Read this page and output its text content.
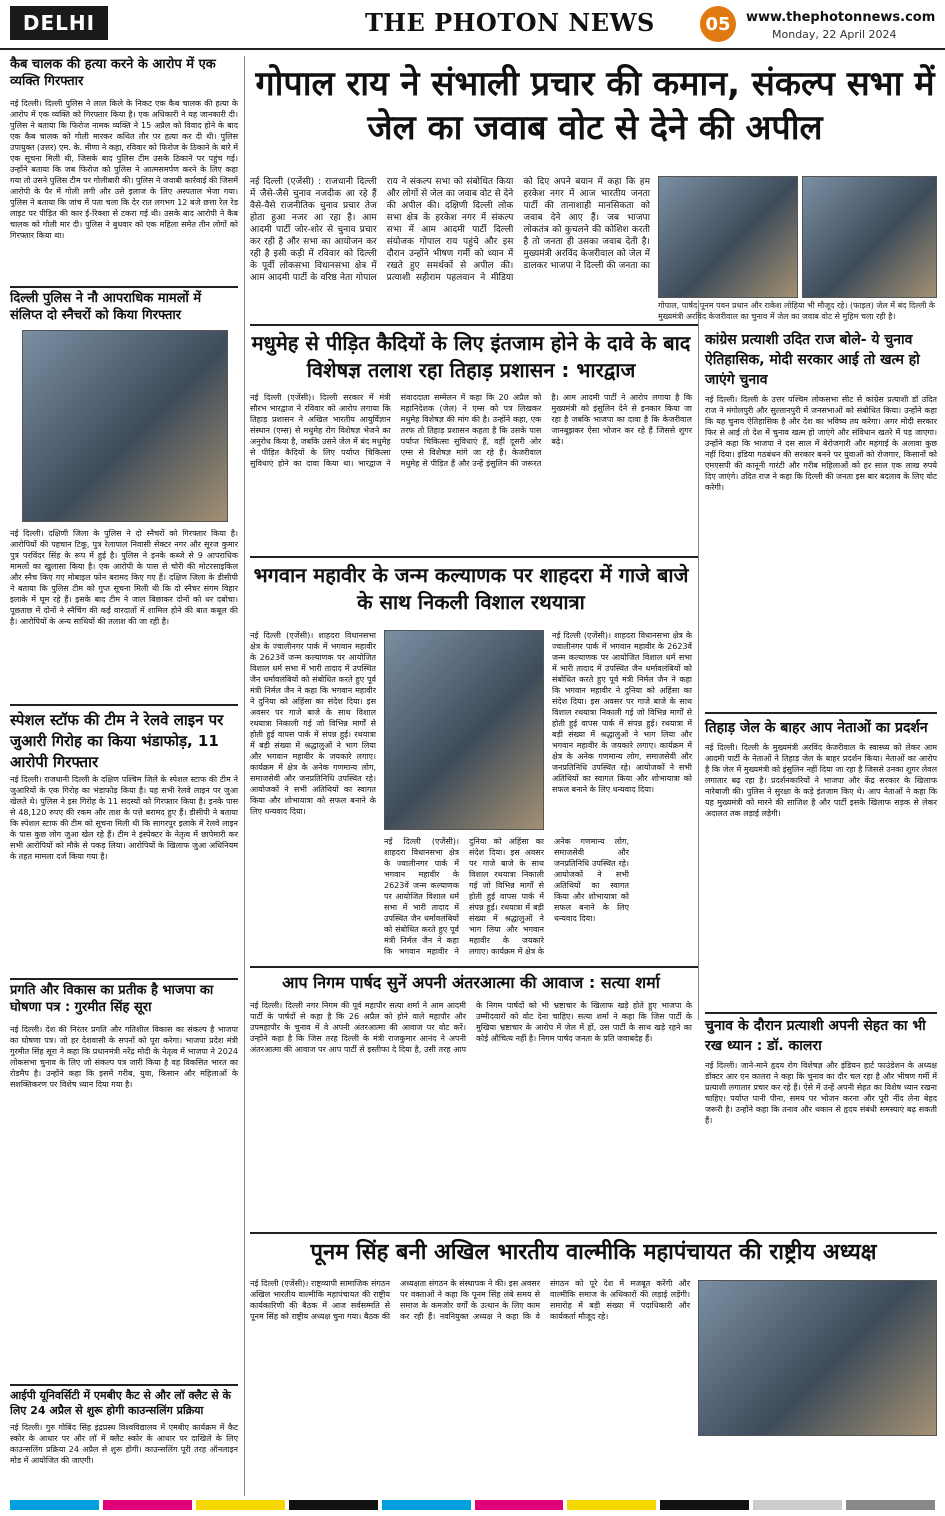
DELHI	THE PHOTON NEWS	05	www.thephotonnews.com
Monday, 22 April 2024
गोपाल राय ने संभाली प्रचार की कमान, संकल्प सभा में जेल का जवाब वोट से देने की अपील
नई दिल्ली (एजेंसी) : राजधानी दिल्ली में जैसे-जैसे चुनाव नजदीक आ रहे हैं वैसे-वैसे राजनीतिक चुनाव प्रचार तेज होता हुआ नजर आ रहा है। आम आदमी पार्टी जोर-शोर से चुनाव प्रचार कर रही है और सभा का आयोजन कर रही है इसी कड़ी में रविवार को दिल्ली के पूर्वी लोकसभा विधानसभा क्षेत्र में आम आदमी पार्टी के वरिष्ठ नेता गोपाल राय ने संकल्प सभा को संबोधित किया और लोगों से जेल का जवाब वोट से देने की अपील की। दक्षिणी दिल्ली लोक सभा क्षेत्र के हरकेश नगर में संकल्प सभा में आम आदमी पार्टी दिल्ली संयोजक गोपाल राय पहुंचे और इस दौरान उन्होंने भीषण गर्मी को ध्यान में रखते हुए समर्थकों से अपील की। प्रत्याशी सहीराम पहलवान ने मीडिया को दिए अपने बयान में कहा कि हम हरकेश नगर में आज भारतीय जनता पार्टी की तानाशाही मानसिकता को जवाब देने आए हैं। जब भाजपा लोकतंत्र को कुचलने की कोशिश करती है तो जनता ही उसका जवाब देती है। मुख्यमंत्री अरविंद केजरीवाल को जेल में डालकर भाजपा ने दिल्ली की जनता का
गोपाल, पार्षद पूनम पवन प्रधान और राकेश लोहिया भी मौजूद रहे। (फाइल) जेल में बंद दिल्ली के मुख्यमंत्री अरविंद केजरीवाल का चुनाव में जेल का जवाब वोट से मुहिम चला रही है।
कैब चालक की हत्या करने के आरोप में एक व्यक्ति गिरफ्तार
नई दिल्ली। दिल्ली पुलिस ने लाल किले के निकट एक कैब चालक की हत्या के आरोप में एक व्यक्ति को गिरफ्तार किया है। एक अधिकारी ने यह जानकारी दी। पुलिस ने बताया कि फिरोज नामक व्यक्ति ने 15 अप्रैल को विवाद होने के बाद एक कैब चालक को गोली मारकर कथित तौर पर हत्या कर दी थी। पुलिस उपायुक्त (उत्तर) एम. के. मीणा ने कहा, रविवार को फिरोज के ठिकाने के बारे में एक सूचना मिली थी, जिसके बाद पुलिस टीम उसके ठिकाने पर पहुंच गई। उन्होंने बताया कि जब फिरोज को पुलिस ने आत्मसमर्पण करने के लिए कहा गया तो उसने पुलिस टीम पर गोलीबारी की। पुलिस ने जवाबी कार्रवाई की जिसमें आरोपी के पैर में गोली लगी और उसे इलाज के लिए अस्पताल भेजा गया। पुलिस ने बताया कि जांच में पता चला कि देर रात लगभग 12 बजे छत्ता रेल रेड लाइट पर पीड़ित की कार ई-रिक्शा से टकरा गई थी। उसके बाद आरोपी ने कैब चालक को गोली मार दी। पुलिस ने बुधवार को एक महिला समेत तीन लोगों को गिरफ्तार किया था।
दिल्ली पुलिस ने नौ आपराधिक मामलों में संलिप्त दो स्नैचरों को किया गिरफ्तार
नई दिल्ली। दक्षिणी जिला के पुलिस ने दो स्नैचरों को गिरफ्तार किया है। आरोपियों की पहचान टिकू, पुत्र रेलापाल निवासी सेक्टर नगर और सूरज कुमार पुत्र परविंदर सिंह के रूप में हुई है। पुलिस ने इनके कब्जे से 9 आपराधिक मामलों का खुलासा किया है। एक आरोपी के पास से चोरी की मोटरसाइकिल और स्नैच किए गए मोबाइल फोन बरामद किए गए हैं। दक्षिण जिला के डीसीपी ने बताया कि पुलिस टीम को गुप्त सूचना मिली थी कि दो स्नैचर संगम विहार इलाके में घूम रहे हैं। इसके बाद टीम ने जाल बिछाकर दोनों को धर दबोचा। पूछताछ में दोनों ने स्नैचिंग की कई वारदातों में शामिल होने की बात कबूल की है। आरोपियों के अन्य साथियों की तलाश की जा रही है।
स्पेशल स्टॉफ की टीम ने रेलवे लाइन पर जुआरी गिरोह का किया भंडाफोड़, 11 आरोपी गिरफ्तार
नई दिल्ली। राजधानी दिल्ली के दक्षिण पश्चिम जिले के स्पेशल स्टाफ की टीम ने जुआरियों के एक गिरोह का भंडाफोड़ किया है। यह सभी रेलवे लाइन पर जुआ खेलते थे। पुलिस ने इस गिरोह के 11 सदस्यों को गिरफ्तार किया है। इनके पास से 48,120 रुपए की रकम और ताश के पत्ते बरामद हुए हैं। डीसीपी ने बताया कि स्पेशल स्टाफ की टीम को सूचना मिली थी कि सागरपुर इलाके में रेलवे लाइन के पास कुछ लोग जुआ खेल रहे हैं। टीम ने इंस्पेक्टर के नेतृत्व में छापेमारी कर सभी आरोपियों को मौके से पकड़ लिया। आरोपियों के खिलाफ जुआ अधिनियम के तहत मामला दर्ज किया गया है।
प्रगति और विकास का प्रतीक है भाजपा का घोषणा पत्र : गुरमीत सिंह सूरा
नई दिल्ली। देश की निरंतर प्रगति और गतिशील विकास का संकल्प है भाजपा का घोषणा पत्र। जो हर देशवासी के सपनों को पूरा करेगा। भाजपा प्रदेश मंत्री गुरमीत सिंह सूरा ने कहा कि प्रधानमंत्री नरेंद्र मोदी के नेतृत्व में भाजपा ने 2024 लोकसभा चुनाव के लिए जो संकल्प पत्र जारी किया है वह विकसित भारत का रोडमैप है। उन्होंने कहा कि इसमें गरीब, युवा, किसान और महिलाओं के सशक्तिकरण पर विशेष ध्यान दिया गया है।
आईपी यूनिवर्सिटी में एमबीए कैट से और लॉ क्लैट से के लिए 24 अप्रैल से शुरू होगी काउन्सलिंग प्रक्रिया
नई दिल्ली। गुरु गोबिंद सिंह इंद्रप्रस्थ विश्वविद्यालय में एमबीए कार्यक्रम में कैट स्कोर के आधार पर और लॉ में क्लैट स्कोर के आधार पर दाखिले के लिए काउन्सलिंग प्रक्रिया 24 अप्रैल से शुरू होगी। काउन्सलिंग पूरी तरह ऑनलाइन मोड में आयोजित की जाएगी।
मधुमेह से पीड़ित कैदियों के लिए इंतजाम होने के दावे के बाद विशेषज्ञ तलाश रहा तिहाड़ प्रशासन : भारद्वाज
नई दिल्ली (एजेंसी)। दिल्ली सरकार में मंत्री सौरभ भारद्वाज ने रविवार को आरोप लगाया कि तिहाड़ प्रशासन ने अखिल भारतीय आयुर्विज्ञान संस्थान (एम्स) से मधुमेह रोग विशेषज्ञ भेजने का अनुरोध किया है, जबकि उसने जेल में बंद मधुमेह से पीड़ित कैदियों के लिए पर्याप्त चिकित्सा सुविधाएं होने का दावा किया था। भारद्वाज ने संवाददाता सम्मेलन में कहा कि 20 अप्रैल को महानिदेशक (जेल) ने एम्स को पत्र लिखकर मधुमेह विशेषज्ञ की मांग की है। उन्होंने कहा, एक तरफ तो तिहाड़ प्रशासन कहता है कि उसके पास पर्याप्त चिकित्सा सुविधाएं हैं, वहीं दूसरी ओर एम्स से विशेषज्ञ मांगे जा रहे हैं। केजरीवाल मधुमेह से पीड़ित हैं और उन्हें इंसुलिन की जरूरत है। आम आदमी पार्टी ने आरोप लगाया है कि मुख्यमंत्री को इंसुलिन देने से इनकार किया जा रहा है जबकि भाजपा का दावा है कि केजरीवाल जानबूझकर ऐसा भोजन कर रहे हैं जिससे शुगर बढ़े।
भगवान महावीर के जन्म कल्याणक पर शाहदरा में गाजे बाजे के साथ निकली विशाल रथयात्रा
नई दिल्ली (एजेंसी)। शाहदरा विधानसभा क्षेत्र के ज्वालीनगर पार्क में भगवान महावीर के 2623वें जन्म कल्याणक पर आयोजित विशाल धर्म सभा में भारी तादाद में उपस्थित जैन धर्मावलंबियों को संबोधित करते हुए पूर्व मंत्री निर्मल जैन ने कहा कि भगवान महावीर ने दुनिया को अहिंसा का संदेश दिया। इस अवसर पर गाजे बाजे के साथ विशाल रथयात्रा निकाली गई जो विभिन्न मार्गों से होती हुई वापस पार्क में संपन्न हुई। रथयात्रा में बड़ी संख्या में श्रद्धालुओं ने भाग लिया और भगवान महावीर के जयकारे लगाए। कार्यक्रम में क्षेत्र के अनेक गणमान्य लोग, समाजसेवी और जनप्रतिनिधि उपस्थित रहे। आयोजकों ने सभी अतिथियों का स्वागत किया और शोभायात्रा को सफल बनाने के लिए धन्यवाद दिया।
नई दिल्ली (एजेंसी)। शाहदरा विधानसभा क्षेत्र के ज्वालीनगर पार्क में भगवान महावीर के 2623वें जन्म कल्याणक पर आयोजित विशाल धर्म सभा में भारी तादाद में उपस्थित जैन धर्मावलंबियों को संबोधित करते हुए पूर्व मंत्री निर्मल जैन ने कहा कि भगवान महावीर ने दुनिया को अहिंसा का संदेश दिया। इस अवसर पर गाजे बाजे के साथ विशाल रथयात्रा निकाली गई जो विभिन्न मार्गों से होती हुई वापस पार्क में संपन्न हुई। रथयात्रा में बड़ी संख्या में श्रद्धालुओं ने भाग लिया और भगवान महावीर के जयकारे लगाए। कार्यक्रम में क्षेत्र के अनेक गणमान्य लोग, समाजसेवी और जनप्रतिनिधि उपस्थित रहे। आयोजकों ने सभी अतिथियों का स्वागत किया और शोभायात्रा को सफल बनाने के लिए धन्यवाद दिया।
नई दिल्ली (एजेंसी)। शाहदरा विधानसभा क्षेत्र के ज्वालीनगर पार्क में भगवान महावीर के 2623वें जन्म कल्याणक पर आयोजित विशाल धर्म सभा में भारी तादाद में उपस्थित जैन धर्मावलंबियों को संबोधित करते हुए पूर्व मंत्री निर्मल जैन ने कहा कि भगवान महावीर ने दुनिया को अहिंसा का संदेश दिया। इस अवसर पर गाजे बाजे के साथ विशाल रथयात्रा निकाली गई जो विभिन्न मार्गों से होती हुई वापस पार्क में संपन्न हुई। रथयात्रा में बड़ी संख्या में श्रद्धालुओं ने भाग लिया और भगवान महावीर के जयकारे लगाए। कार्यक्रम में क्षेत्र के अनेक गणमान्य लोग, समाजसेवी और जनप्रतिनिधि उपस्थित रहे। आयोजकों ने सभी अतिथियों का स्वागत किया और शोभायात्रा को सफल बनाने के लिए धन्यवाद दिया।
कांग्रेस प्रत्याशी उदित राज बोले- ये चुनाव ऐतिहासिक, मोदी सरकार आई तो खत्म हो जाएंगे चुनाव
नई दिल्ली। दिल्ली के उत्तर पश्चिम लोकसभा सीट से कांग्रेस प्रत्याशी डॉ उदित राज ने मंगोलपुरी और सुल्तानपुरी में जनसभाओं को संबोधित किया। उन्होंने कहा कि यह चुनाव ऐतिहासिक है और देश का भविष्य तय करेगा। अगर मोदी सरकार फिर से आई तो देश में चुनाव खत्म हो जाएंगे और संविधान खतरे में पड़ जाएगा। उन्होंने कहा कि भाजपा ने दस साल में बेरोजगारी और महंगाई के अलावा कुछ नहीं दिया। इंडिया गठबंधन की सरकार बनने पर युवाओं को रोजगार, किसानों को एमएसपी की कानूनी गारंटी और गरीब महिलाओं को हर साल एक लाख रुपये दिए जाएंगे। उदित राज ने कहा कि दिल्ली की जनता इस बार बदलाव के लिए वोट करेगी।
तिहाड़ जेल के बाहर आप नेताओं का प्रदर्शन
नई दिल्ली। दिल्ली के मुख्यमंत्री अरविंद केजरीवाल के स्वास्थ्य को लेकर आम आदमी पार्टी के नेताओं ने तिहाड़ जेल के बाहर प्रदर्शन किया। नेताओं का आरोप है कि जेल में मुख्यमंत्री को इंसुलिन नहीं दिया जा रहा है जिससे उनका शुगर लेवल लगातार बढ़ रहा है। प्रदर्शनकारियों ने भाजपा और केंद्र सरकार के खिलाफ नारेबाजी की। पुलिस ने सुरक्षा के कड़े इंतजाम किए थे। आप नेताओं ने कहा कि यह मुख्यमंत्री को मारने की साजिश है और पार्टी इसके खिलाफ सड़क से लेकर अदालत तक लड़ाई लड़ेगी।
चुनाव के दौरान प्रत्याशी अपनी सेहत का भी रख ध्यान : डॉ. कालरा
नई दिल्ली। जाने-माने हृदय रोग विशेषज्ञ और इंडियन हार्ट फाउंडेशन के अध्यक्ष डॉक्टर आर एन कालरा ने कहा कि चुनाव का दौर चल रहा है और भीषण गर्मी में प्रत्याशी लगातार प्रचार कर रहे हैं। ऐसे में उन्हें अपनी सेहत का विशेष ध्यान रखना चाहिए। पर्याप्त पानी पीना, समय पर भोजन करना और पूरी नींद लेना बेहद जरूरी है। उन्होंने कहा कि तनाव और थकान से हृदय संबंधी समस्याएं बढ़ सकती हैं।
आप निगम पार्षद सुनें अपनी अंतरआत्मा की आवाज : सत्या शर्मा
नई दिल्ली। दिल्ली नगर निगम की पूर्व महापौर सत्या शर्मा ने आम आदमी पार्टी के पार्षदों से कहा है कि 26 अप्रैल को होने वाले महापौर और उपमहापौर के चुनाव में वे अपनी अंतरआत्मा की आवाज पर वोट करें। उन्होंने कहा है कि जिस तरह दिल्ली के मंत्री राजकुमार आनंद ने अपनी अंतरआत्मा की आवाज पर आप पार्टी से इस्तीफा दे दिया है, उसी तरह आप के निगम पार्षदों को भी भ्रष्टाचार के खिलाफ खड़े होते हुए भाजपा के उम्मीदवारों को वोट देना चाहिए। सत्या शर्मा ने कहा कि जिस पार्टी के मुखिया भ्रष्टाचार के आरोप में जेल में हों, उस पार्टी के साथ खड़े रहने का कोई औचित्य नहीं है। निगम पार्षद जनता के प्रति जवाबदेह हैं।
पूनम सिंह बनी अखिल भारतीय वाल्मीकि महापंचायत की राष्ट्रीय अध्यक्ष
नई दिल्ली (एजेंसी)। राष्ट्रव्यापी सामाजिक संगठन अखिल भारतीय वाल्मीकि महापंचायत की राष्ट्रीय कार्यकारिणी की बैठक में आज सर्वसम्मति से पूनम सिंह को राष्ट्रीय अध्यक्ष चुना गया। बैठक की अध्यक्षता संगठन के संस्थापक ने की। इस अवसर पर वक्ताओं ने कहा कि पूनम सिंह लंबे समय से समाज के कमजोर वर्गों के उत्थान के लिए काम कर रही हैं। नवनियुक्त अध्यक्ष ने कहा कि वे संगठन को पूरे देश में मजबूत करेंगी और वाल्मीकि समाज के अधिकारों की लड़ाई लड़ेंगी। समारोह में बड़ी संख्या में पदाधिकारी और कार्यकर्ता मौजूद रहे।
